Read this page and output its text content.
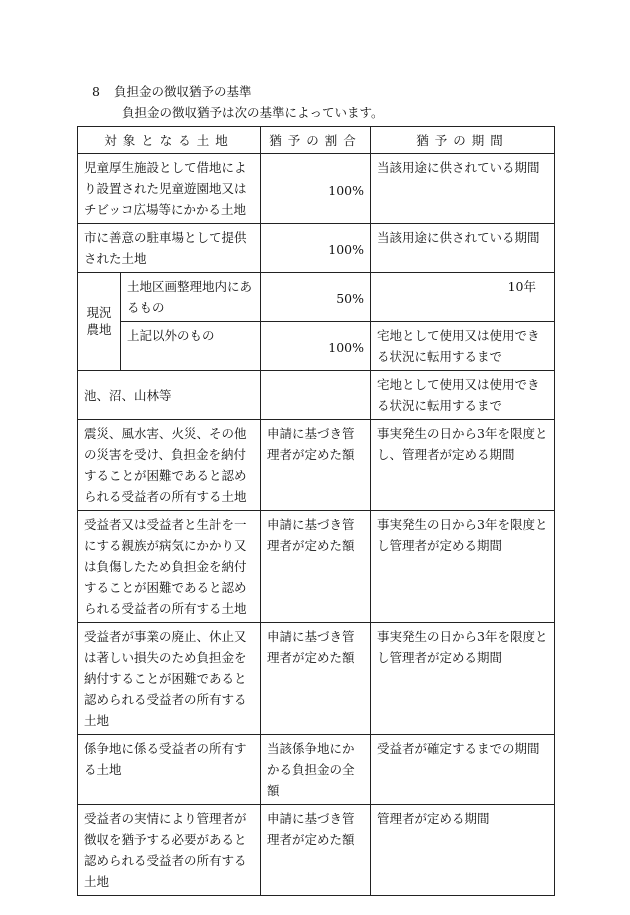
8 負担金の徴収猶予の基準
負担金の徴収猶予は次の基準によっています。
対象となる土地		猶予の割合	猶予の期間
児童厚生施設として借地により設置された児童遊園地又はチビッコ広場等にかかる土地		100%	当該用途に供されている期間
市に善意の駐車場として提供された土地		100%	当該用途に供されている期間
現況農地	土地区画整理地内にあるもの	50%	10年
	上記以外のもの	100%	宅地として使用又は使用できる状況に転用するまで
池、沼、山林等			宅地として使用又は使用できる状況に転用するまで
震災、風水害、火災、その他の災害を受け、負担金を納付することが困難であると認められる受益者の所有する土地		申請に基づき管理者が定めた額	事実発生の日から3年を限度とし、管理者が定める期間
受益者又は受益者と生計を一にする親族が病気にかかり又は負傷したため負担金を納付することが困難であると認められる受益者の所有する土地		申請に基づき管理者が定めた額	事実発生の日から3年を限度とし管理者が定める期間
受益者が事業の廃止、休止又は著しい損失のため負担金を納付することが困難であると認められる受益者の所有する土地		申請に基づき管理者が定めた額	事実発生の日から3年を限度とし管理者が定める期間
係争地に係る受益者の所有する土地		当該係争地にかかる負担金の全額	受益者が確定するまでの期間
受益者の実情により管理者が徴収を猶予する必要があると認められる受益者の所有する土地		申請に基づき管理者が定めた額	管理者が定める期間
